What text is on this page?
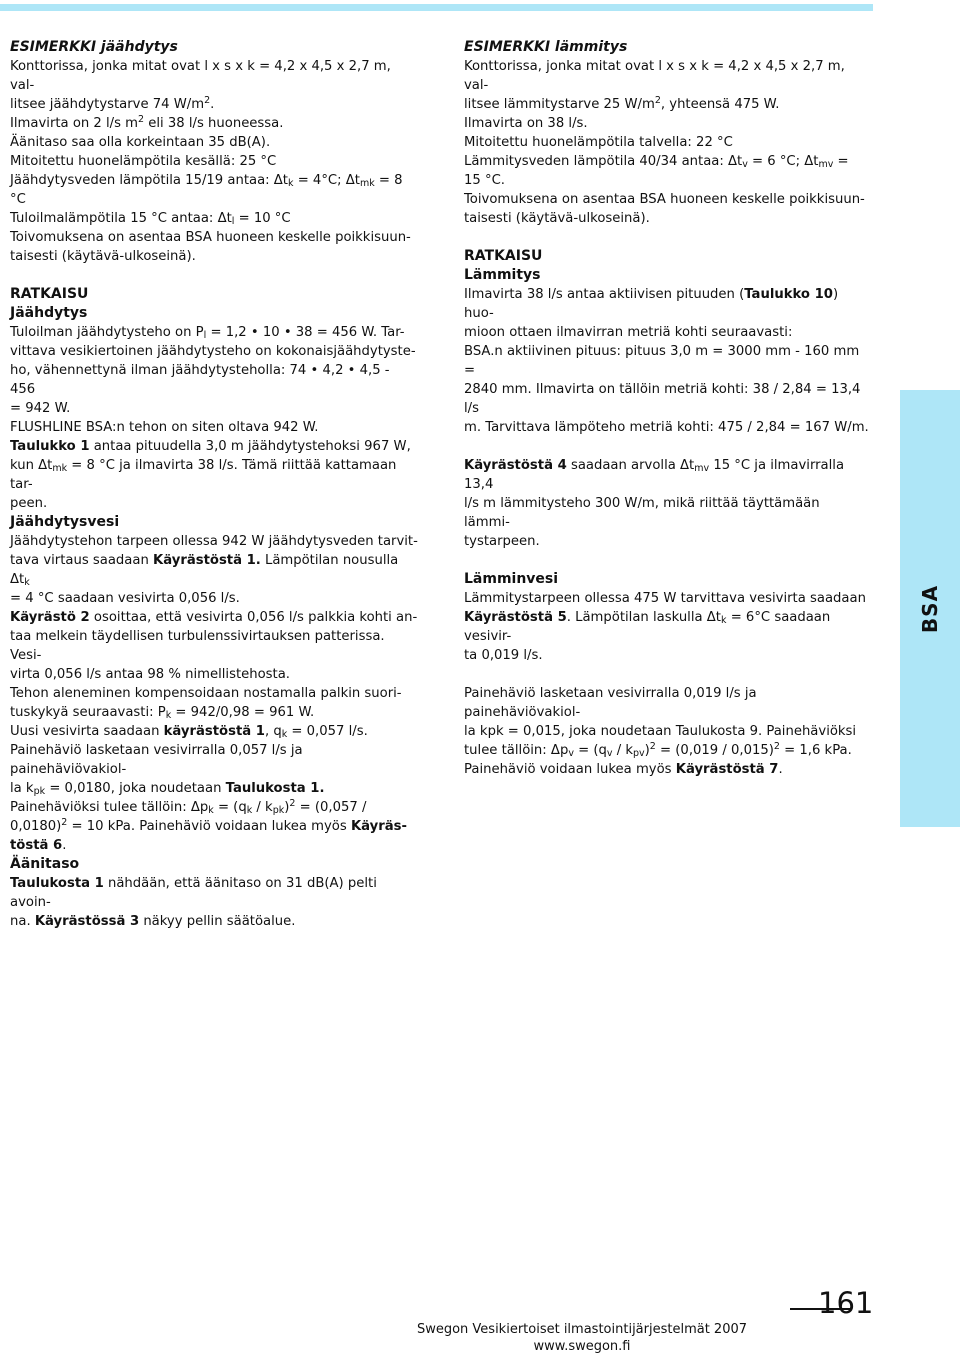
ESIMERKKI jäähdytys

Konttorissa, jonka mitat ovat l x s x k = 4,2 x 4,5 x 2,7 m, val-

litsee jäähdytystarve 74 $W/m^2$.

Ilmavirta on 2 l/s $m^2$ eli 38 l/s huoneessa.

Äänitaso saa olla korkeintaan 35 dB(A).

Mitoitettu huonelämpötila kesällä: 25 °C

Jäähdytysveden lämpötila 15/19 antaa: $\Delta t_k = 4^\circ C$; $\Delta t_{mk} = 8$ °C

Tuloilmalämpötila 15 °C antaa: $\Delta t_l = 10$ °C

Toivomuksena on asentaa BSA huoneen keskelle poikkisuun-

taisesti (käytävä-ulkoseinä).

RATKAISU

Jäähdytys

Tuloilman jäähdytysteho on $P_l = 1,2$ • 10 • 38 = 456 W. Tar-

vittava vesikiertoinen jäähdytysteho on kokonaisjäähdytyste-

ho, vähennettynä ilman jäähdytysteholla: 74 • 4,2 • 4,5 - 456

= 942 W.

FLUSHLINE BSA:n tehon on siten oltava 942 W.

Taulukko 1 antaa pituudella 3,0 m jäähdytystehoksi 967 W,

kun $\Delta t_{mk} = 8$ °C ja ilmavirta 38 l/s. Tämä riittää kattamaan tar-

peen.

Jäähdytysvesi

Jäähdytystehon tarpeen ollessa 942 W jäähdytysveden tarvit-

tava virtaus saadaan Käyrästöstä 1. Lämpötilan nousulla $\Delta t_k$

= 4 °C saadaan vesivirta 0,056 l/s.

Käyrästö 2 osoittaa, että vesivirta 0,056 l/s palkkia kohti an-

taa melkein täydellisen turbulenssivirtauksen patterissa. Vesi-

virta 0,056 l/s antaa 98 % nimellistehosta.

Tehon aleneminen kompensoidaan nostamalla palkin suori-

tuskykyä seuraavasti: $P_k = 942/0,98 = 961$ W.

Uusi vesivirta saadaan käyrästöstä 1, $q_k = 0,057$ l/s.

Painehäviö lasketaan vesivirralla 0,057 l/s ja painehäviövakiol-

la $k_{pk} = 0,0180$, joka noudetaan Taulukosta 1.

Painehäviöksi tulee tällöin: $\Delta p_k = (q_k / k_{pk})^2 = (0,057$ /

0,0180)$^2$ = 10 kPa. Painehäviö voidaan lukea myös Käyräs-

töstä 6.

Äänitaso

Taulukosta 1 nähdään, että äänitaso on 31 dB(A) pelti avoin-

na. Käyrästössä 3 näkyy pellin säätöalue.

ESIMERKKI lämmitys

Konttorissa, jonka mitat ovat l x s x k = 4,2 x 4,5 x 2,7 m, val-

litsee lämmitystarve 25 $W/m^2$, yhteensä 475 W.

Ilmavirta on 38 l/s.

Mitoitettu huonelämpötila talvella: 22 °C

Lämmitysveden lämpötila 40/34 antaa: $\Delta t_v = 6$ °C; $\Delta t_{mv} = 15$ °C.

Toivomuksena on asentaa BSA huoneen keskelle poikkisuun-

taisesti (käytävä-ulkoseinä).

RATKAISU

Lämmitys

Ilmavirta 38 l/s antaa aktiivisen pituuden (Taulukko 10) huo-

mioon ottaen ilmavirran metriä kohti seuraavasti:

BSA.n aktiivinen pituus: pituus 3,0 m = 3000 mm - 160 mm =

2840 mm. Ilmavirta on tällöin metriä kohti: 38 / 2,84 = 13,4 l/s

m. Tarvittava lämpöteho metriä kohti: 475 / 2,84 = 167 W/m.

Käyrästöstä 4 saadaan arvolla $\Delta t_{mv}$ 15 °C ja ilmavirralla 13,4

l/s m lämmitysteho 300 W/m, mikä riittää täyttämään lämmi-

tystarpeen.

Lämminvesi

Lämmitystarpeen ollessa 475 W tarvittava vesivirta saadaan

Käyrästöstä 5. Lämpötilan laskulla $\Delta t_k = 6^\circ C$ saadaan vesivir-

ta 0,019 l/s.

Painehäviö lasketaan vesivirralla 0,019 l/s ja painehäviövakiol-

la kpk = 0,015, joka noudetaan Taulukosta 9. Painehäviöksi

tulee tällöin: $\Delta p_v = (q_v / k_{pv})^2 = (0,019 / 0,015)^2 = 1,6$ kPa.

Painehäviö voidaan lukea myös Käyrästöstä 7.

BSA
161
Swegon Vesikiertoiset ilmastointijärjestelmät 2007
www.swegon.fi
